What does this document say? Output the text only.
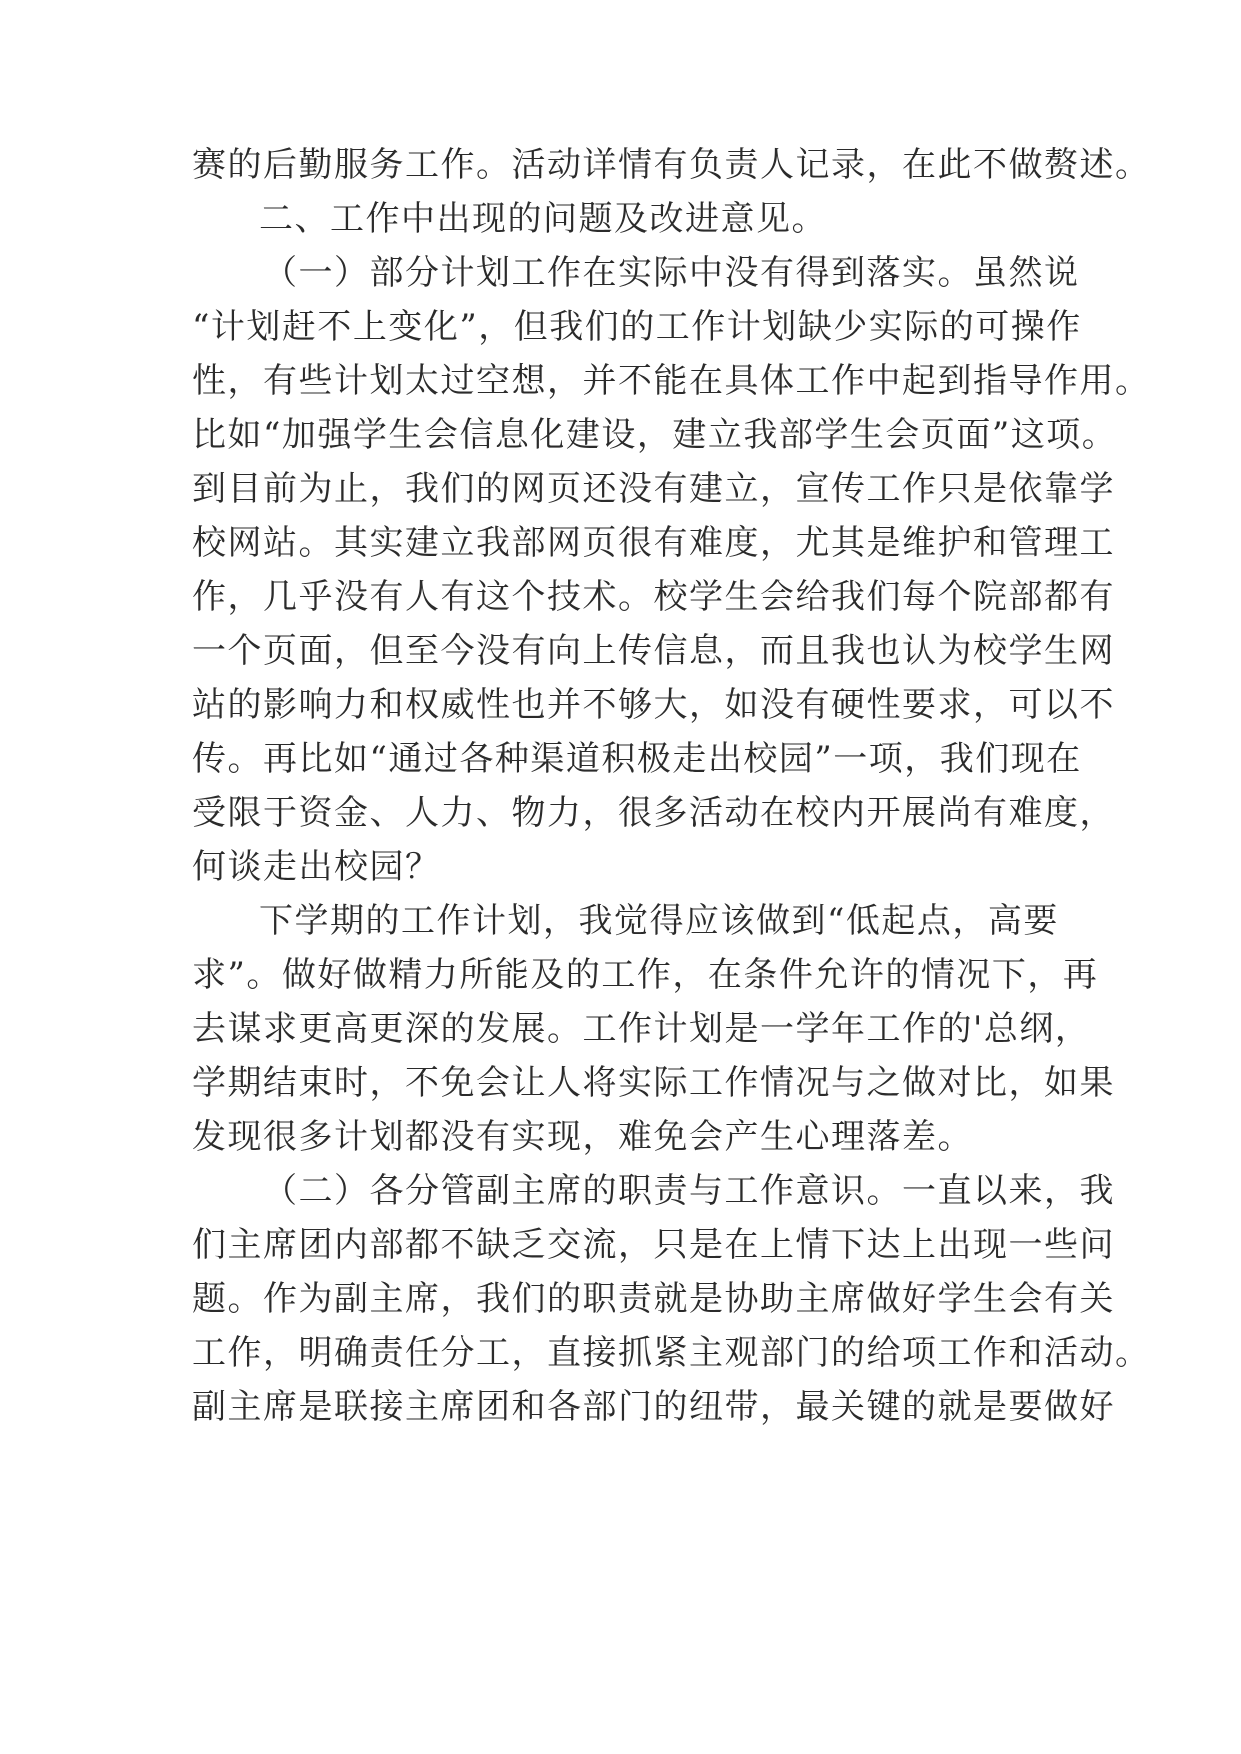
赛的后勤服务工作。活动详情有负责人记录，在此不做赘述。
二、工作中出现的问题及改进意见。
（一）部分计划工作在实际中没有得到落实。虽然说
“计划赶不上变化”，但我们的工作计划缺少实际的可操作
性，有些计划太过空想，并不能在具体工作中起到指导作用。
比如“加强学生会信息化建设，建立我部学生会页面”这项。
到目前为止，我们的网页还没有建立，宣传工作只是依靠学
校网站。其实建立我部网页很有难度，尤其是维护和管理工
作，几乎没有人有这个技术。校学生会给我们每个院部都有
一个页面，但至今没有向上传信息，而且我也认为校学生网
站的影响力和权威性也并不够大，如没有硬性要求，可以不
传。再比如“通过各种渠道积极走出校园”一项，我们现在
受限于资金、人力、物力，很多活动在校内开展尚有难度，
何谈走出校园？
下学期的工作计划，我觉得应该做到“低起点，高要
求”。做好做精力所能及的工作，在条件允许的情况下，再
去谋求更高更深的发展。工作计划是一学年工作的'总纲，
学期结束时，不免会让人将实际工作情况与之做对比，如果
发现很多计划都没有实现，难免会产生心理落差。
（二）各分管副主席的职责与工作意识。一直以来，我
们主席团内部都不缺乏交流，只是在上情下达上出现一些问
题。作为副主席，我们的职责就是协助主席做好学生会有关
工作，明确责任分工，直接抓紧主观部门的给项工作和活动。
副主席是联接主席团和各部门的纽带，最关键的就是要做好
